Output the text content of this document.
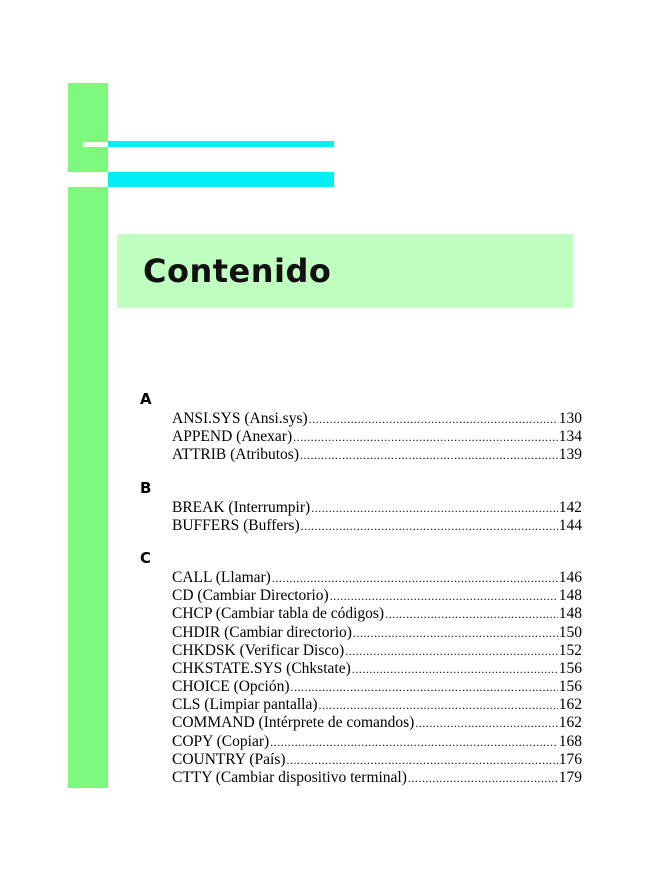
Contenido
A
ANSI.SYS (Ansi.sys) .....	130
APPEND (Anexar) .....	134
ATTRIB (Atributos) .....	139
B
BREAK (Interrumpir) .....	142
BUFFERS (Buffers) .....	144
C
CALL (Llamar) .....	146
CD (Cambiar Directorio) .....	148
CHCP (Cambiar tabla de códigos) .....	148
CHDIR (Cambiar directorio) .....	150
CHKDSK (Verificar Disco) .....	152
CHKSTATE.SYS (Chkstate) .....	156
CHOICE (Opción) .....	156
CLS (Limpiar pantalla) .....	162
COMMAND (Intérprete de comandos) .....	162
COPY (Copiar) .....	168
COUNTRY (País) .....	176
CTTY (Cambiar dispositivo terminal) .....	179
